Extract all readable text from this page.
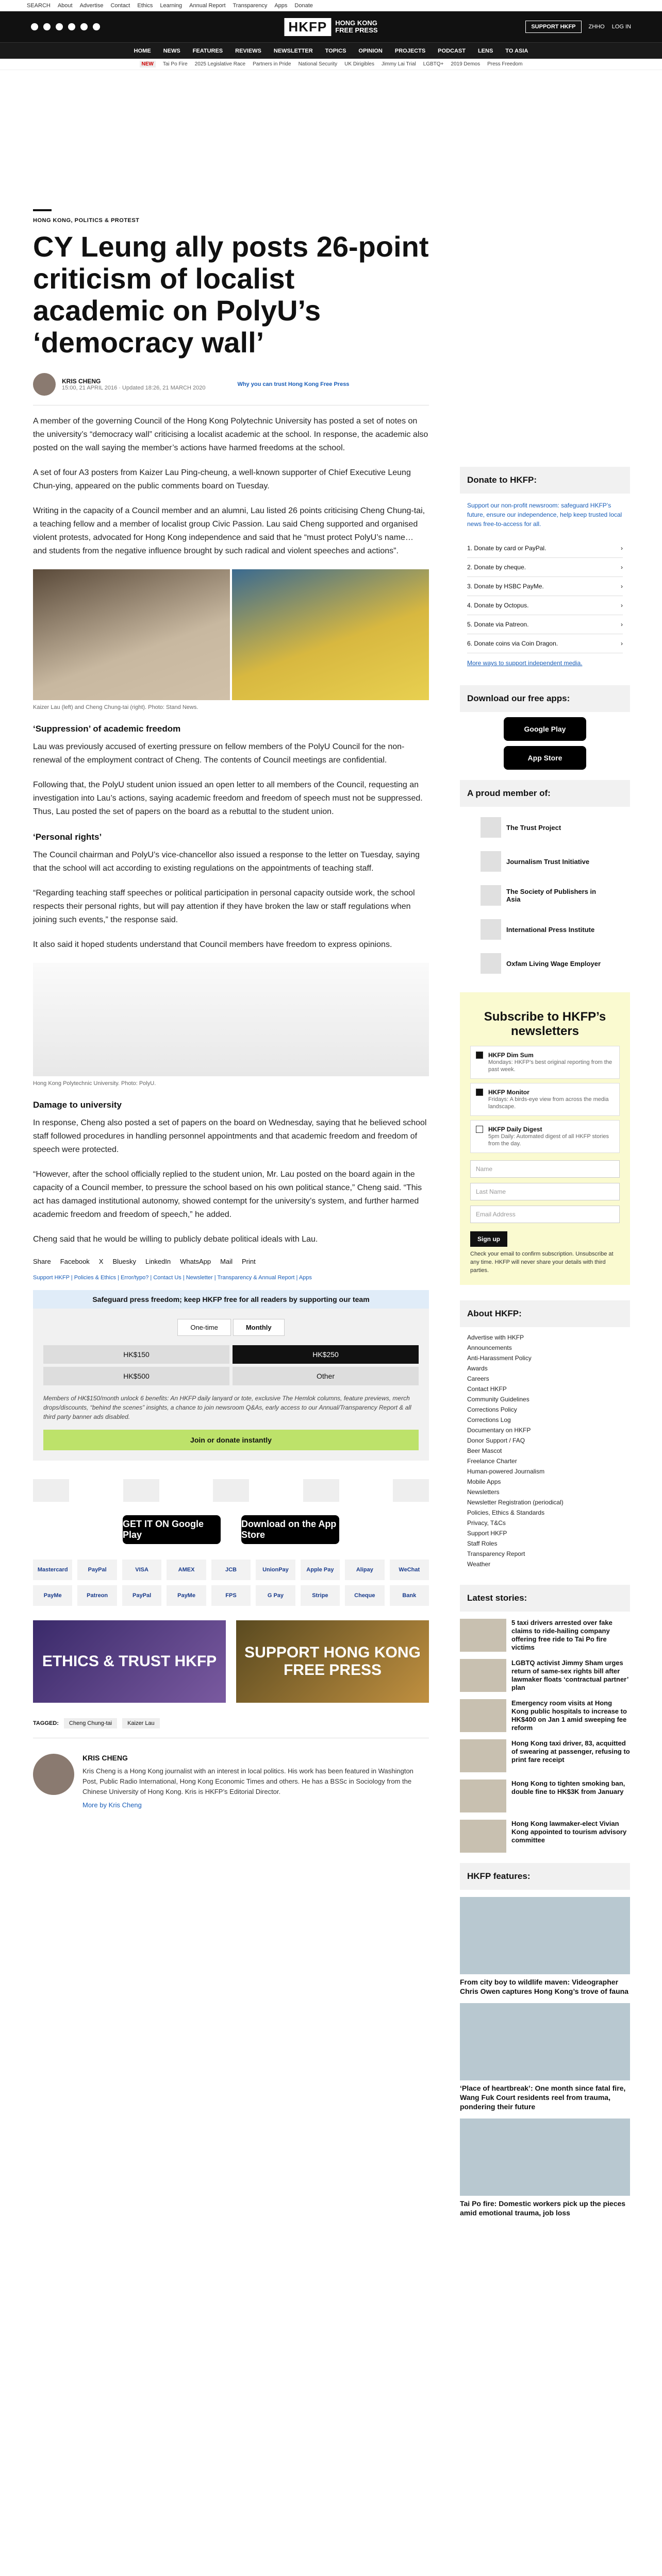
SEARCH About Advertise Contact Ethics Learning Annual Report Transparency Apps Donate
HKFP	HONG KONG
FREE PRESS	SUPPORT HKFP	ZHHO LOG IN
HOME NEWS FEATURES REVIEWS NEWSLETTER TOPICS OPINION PROJECTS PODCAST LENS TO ASIA
NEW	Tai Po Fire 2025 Legislative Race Partners in Pride National Security UK Dirigibles Jimmy Lai Trial LGBTQ+ 2019 Demos Press Freedom
HONG KONG, POLITICS & PROTEST
CY Leung ally posts 26-point criticism of localist academic on PolyU’s ‘democracy wall’
KRIS CHENG
15:00, 21 APRIL 2016 · Updated 18:26, 21 MARCH 2020
Why you can trust Hong Kong Free Press

A member of the governing Council of the Hong Kong Polytechnic University has posted a set of notes on the university’s “democracy wall” criticising a localist academic at the school. In response, the academic also posted on the wall saying the member’s actions have harmed freedoms at the school.

A set of four A3 posters from Kaizer Lau Ping-cheung, a well-known supporter of Chief Executive Leung Chun-ying, appeared on the public comments board on Tuesday.

Writing in the capacity of a Council member and an alumni, Lau listed 26 points criticising Cheng Chung-tai, a teaching fellow and a member of localist group Civic Passion. Lau said Cheng supported and organised violent protests, advocated for Hong Kong independence and said that he “must protect PolyU’s name… and students from the negative influence brought by such radical and violent speeches and actions”.

Kaizer Lau (left) and Cheng Chung-tai (right). Photo: Stand News.
‘Suppression’ of academic freedom

Lau was previously accused of exerting pressure on fellow members of the PolyU Council for the non-renewal of the employment contract of Cheng. The contents of Council meetings are confidential.

Following that, the PolyU student union issued an open letter to all members of the Council, requesting an investigation into Lau’s actions, saying academic freedom and freedom of speech must not be suppressed. Thus, Lau posted the set of papers on the board as a rebuttal to the student union.

‘Personal rights’

The Council chairman and PolyU’s vice-chancellor also issued a response to the letter on Tuesday, saying that the school will act according to existing regulations on the appointments of teaching staff.

“Regarding teaching staff speeches or political participation in personal capacity outside work, the school respects their personal rights, but will pay attention if they have broken the law or staff regulations when joining such events,” the response said.

It also said it hoped students understand that Council members have freedom to express opinions.

Hong Kong Polytechnic University. Photo: PolyU.
Damage to university

In response, Cheng also posted a set of papers on the board on Wednesday, saying that he believed school staff followed procedures in handling personnel appointments and that academic freedom and freedom of speech were protected.

“However, after the school officially replied to the student union, Mr. Lau posted on the board again in the capacity of a Council member, to pressure the school based on his own political stance,” Cheng said. “This act has damaged institutional autonomy, showed contempt for the university’s system, and further harmed academic freedom and freedom of speech,” he added.

Cheng said that he would be willing to publicly debate political ideals with Lau.

Share Facebook X Bluesky LinkedIn WhatsApp Mail Print
Support HKFP | Policies & Ethics | Error/typo? | Contact Us | Newsletter | Transparency & Annual Report | Apps
Safeguard press freedom; keep HKFP free for all readers by supporting our team
One-time	Monthly
HK$150	HK$250
HK$500	Other
Members of HK$150/month unlock 6 benefits: An HKFP daily lanyard or tote, exclusive The Hemlok columns, feature previews, merch drops/discounts, “behind the scenes” insights, a chance to join newsroom Q&As, early access to our Annual/Transparency Report & all third party banner ads disabled.
Join or donate instantly
GET IT ON Google Play
Download on the App Store
Mastercard	PayPal	VISA	AMEX	JCB	UnionPay	Apple Pay	Alipay	WeChat
PayMe	Patreon	PayPal	PayMe	FPS	G Pay	Stripe	Cheque	Bank
ETHICS & TRUST HKFP
SUPPORT HONG KONG FREE PRESS
TAGGED:	Cheng Chung-tai	Kaizer Lau
KRIS CHENG
Kris Cheng is a Hong Kong journalist with an interest in local politics. His work has been featured in Washington Post, Public Radio International, Hong Kong Economic Times and others. He has a BSSc in Sociology from the Chinese University of Hong Kong. Kris is HKFP’s Editorial Director.
More by Kris Cheng
Donate to HKFP:
Support our non-profit newsroom: safeguard HKFP’s future, ensure our independence, help keep trusted local news free-to-access for all.
1. Donate by card or PayPal.	›
2. Donate by cheque.	›
3. Donate by HSBC PayMe.	›
4. Donate by Octopus.	›
5. Donate via Patreon.	›
6. Donate coins via Coin Dragon.	›
More ways to support independent media.
Download our free apps:
Google Play
App Store
A proud member of:
The Trust Project
Journalism Trust Initiative
The Society of Publishers in Asia
International Press Institute
Oxfam Living Wage Employer
Subscribe to HKFP’s newsletters
HKFP Dim Sum
Mondays: HKFP’s best original reporting from the past week.
HKFP Monitor
Fridays: A birds-eye view from across the media landscape.
HKFP Daily Digest
5pm Daily: Automated digest of all HKFP stories from the day.
Name
Last Name
Email Address
Sign up
Check your email to confirm subscription. Unsubscribe at any time. HKFP will never share your details with third parties.
About HKFP:
Advertise with HKFP
Announcements
Anti-Harassment Policy
Awards
Careers
Contact HKFP
Community Guidelines
Corrections Policy
Corrections Log
Documentary on HKFP
Donor Support / FAQ
Beer Mascot
Freelance Charter
Human-powered Journalism
Mobile Apps
Newsletters
Newsletter Registration (periodical)
Policies, Ethics & Standards
Privacy, T&Cs
Support HKFP
Staff Roles
Transparency Report
Weather
Latest stories:
5 taxi drivers arrested over fake claims to ride-hailing company offering free ride to Tai Po fire victims
LGBTQ activist Jimmy Sham urges return of same-sex rights bill after lawmaker floats ‘contractual partner’ plan
Emergency room visits at Hong Kong public hospitals to increase to HK$400 on Jan 1 amid sweeping fee reform
Hong Kong taxi driver, 83, acquitted of swearing at passenger, refusing to print fare receipt
Hong Kong to tighten smoking ban, double fine to HK$3K from January
Hong Kong lawmaker-elect Vivian Kong appointed to tourism advisory committee
HKFP features:
From city boy to wildlife maven: Videographer Chris Owen captures Hong Kong’s trove of fauna
‘Place of heartbreak’: One month since fatal fire, Wang Fuk Court residents reel from trauma, pondering their future
Tai Po fire: Domestic workers pick up the pieces amid emotional trauma, job loss
